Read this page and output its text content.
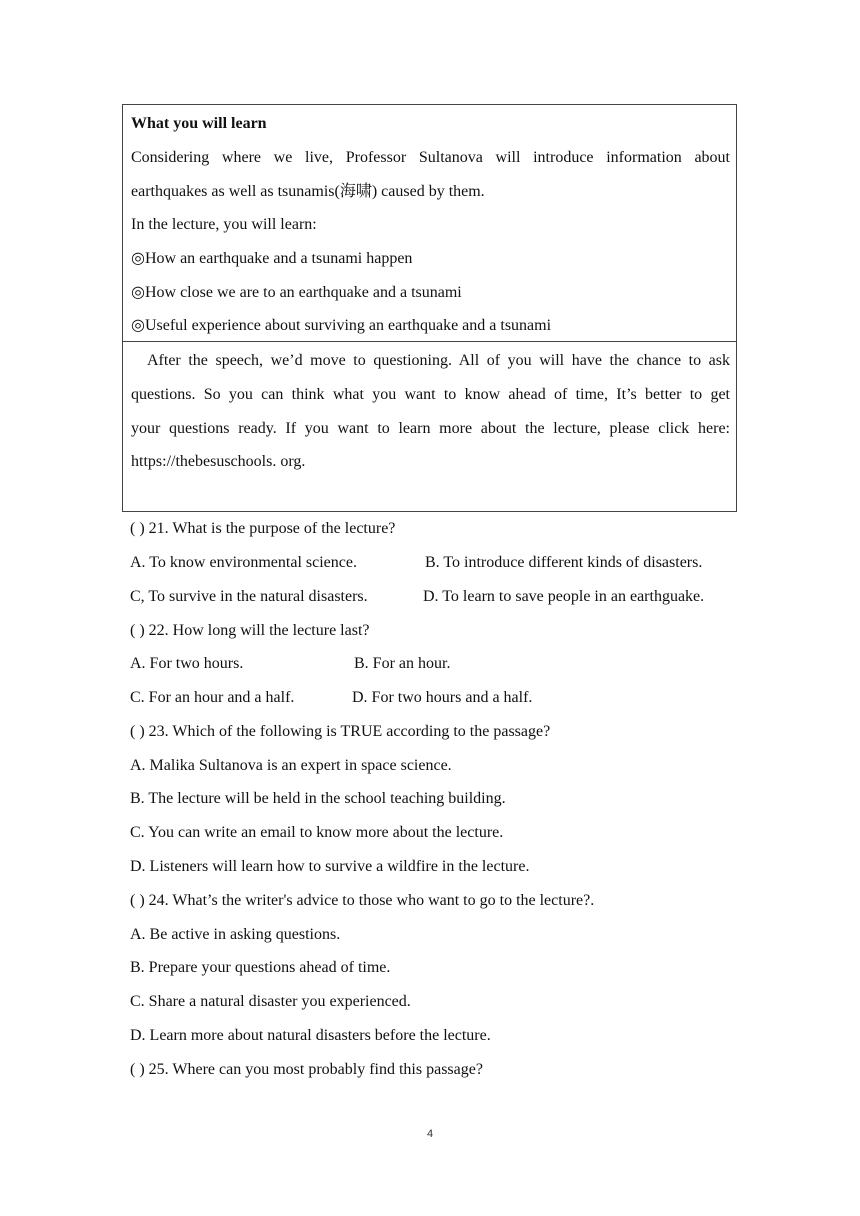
What you will learn
Considering where we live, Professor Sultanova will introduce information about
earthquakes as well as tsunamis(海啸) caused by them.
In the lecture, you will learn:
◎How an earthquake and a tsunami happen
◎How close we are to an earthquake and a tsunami
◎Useful experience about surviving an earthquake and a tsunami
After the speech, we’d move to questioning. All of you will have the chance to ask
questions. So you can think what you want to know ahead of time, It’s better to get
your questions ready. If you want to learn more about the lecture, please click here:
https://thebesuschools. org.
( ) 21. What is the purpose of the lecture?
A. To know environmental science.	B. To introduce different kinds of disasters.
C, To survive in the natural disasters.	D. To learn to save people in an earthguake.
( ) 22. How long will the lecture last?
A. For two hours.	B. For an hour.
C. For an hour and a half.	D. For two hours and a half.
( ) 23. Which of the following is TRUE according to the passage?
A. Malika Sultanova is an expert in space science.
B. The lecture will be held in the school teaching building.
C. You can write an email to know more about the lecture.
D. Listeners will learn how to survive a wildfire in the lecture.
( ) 24. What’s the writer's advice to those who want to go to the lecture?.
A. Be active in asking questions.
B. Prepare your questions ahead of time.
C. Share a natural disaster you experienced.
D. Learn more about natural disasters before the lecture.
( ) 25. Where can you most probably find this passage?
4
